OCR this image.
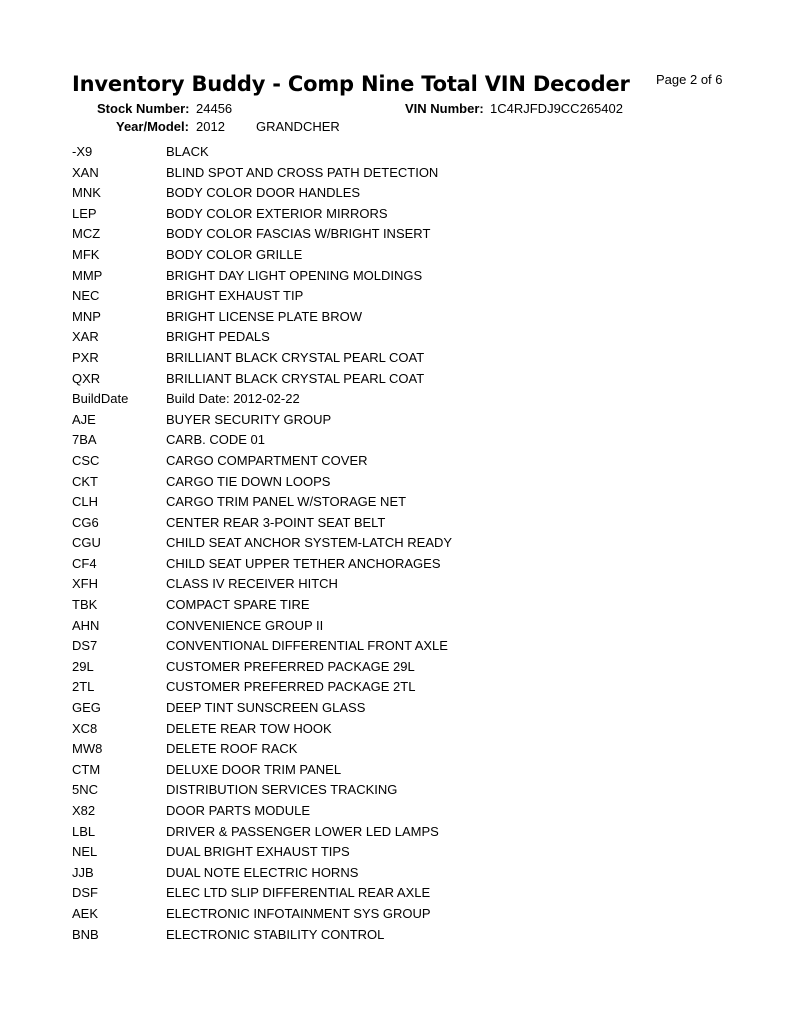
Inventory Buddy - Comp Nine Total VIN Decoder Page 2 of 6
Stock Number: 24456	VIN Number: 1C4RJFDJ9CC265402
Year/Model: 2012 GRANDCHER
-X9	BLACK
XAN	BLIND SPOT AND CROSS PATH DETECTION
MNK	BODY COLOR DOOR HANDLES
LEP	BODY COLOR EXTERIOR MIRRORS
MCZ	BODY COLOR FASCIAS W/BRIGHT INSERT
MFK	BODY COLOR GRILLE
MMP	BRIGHT DAY LIGHT OPENING MOLDINGS
NEC	BRIGHT EXHAUST TIP
MNP	BRIGHT LICENSE PLATE BROW
XAR	BRIGHT PEDALS
PXR	BRILLIANT BLACK CRYSTAL PEARL COAT
QXR	BRILLIANT BLACK CRYSTAL PEARL COAT
BuildDate	Build Date: 2012-02-22
AJE	BUYER SECURITY GROUP
7BA	CARB. CODE 01
CSC	CARGO COMPARTMENT COVER
CKT	CARGO TIE DOWN LOOPS
CLH	CARGO TRIM PANEL W/STORAGE NET
CG6	CENTER REAR 3-POINT SEAT BELT
CGU	CHILD SEAT ANCHOR SYSTEM-LATCH READY
CF4	CHILD SEAT UPPER TETHER ANCHORAGES
XFH	CLASS IV RECEIVER HITCH
TBK	COMPACT SPARE TIRE
AHN	CONVENIENCE GROUP II
DS7	CONVENTIONAL DIFFERENTIAL FRONT AXLE
29L	CUSTOMER PREFERRED PACKAGE 29L
2TL	CUSTOMER PREFERRED PACKAGE 2TL
GEG	DEEP TINT SUNSCREEN GLASS
XC8	DELETE REAR TOW HOOK
MW8	DELETE ROOF RACK
CTM	DELUXE DOOR TRIM PANEL
5NC	DISTRIBUTION SERVICES TRACKING
X82	DOOR PARTS MODULE
LBL	DRIVER & PASSENGER LOWER LED LAMPS
NEL	DUAL BRIGHT EXHAUST TIPS
JJB	DUAL NOTE ELECTRIC HORNS
DSF	ELEC LTD SLIP DIFFERENTIAL REAR AXLE
AEK	ELECTRONIC INFOTAINMENT SYS GROUP
BNB	ELECTRONIC STABILITY CONTROL
